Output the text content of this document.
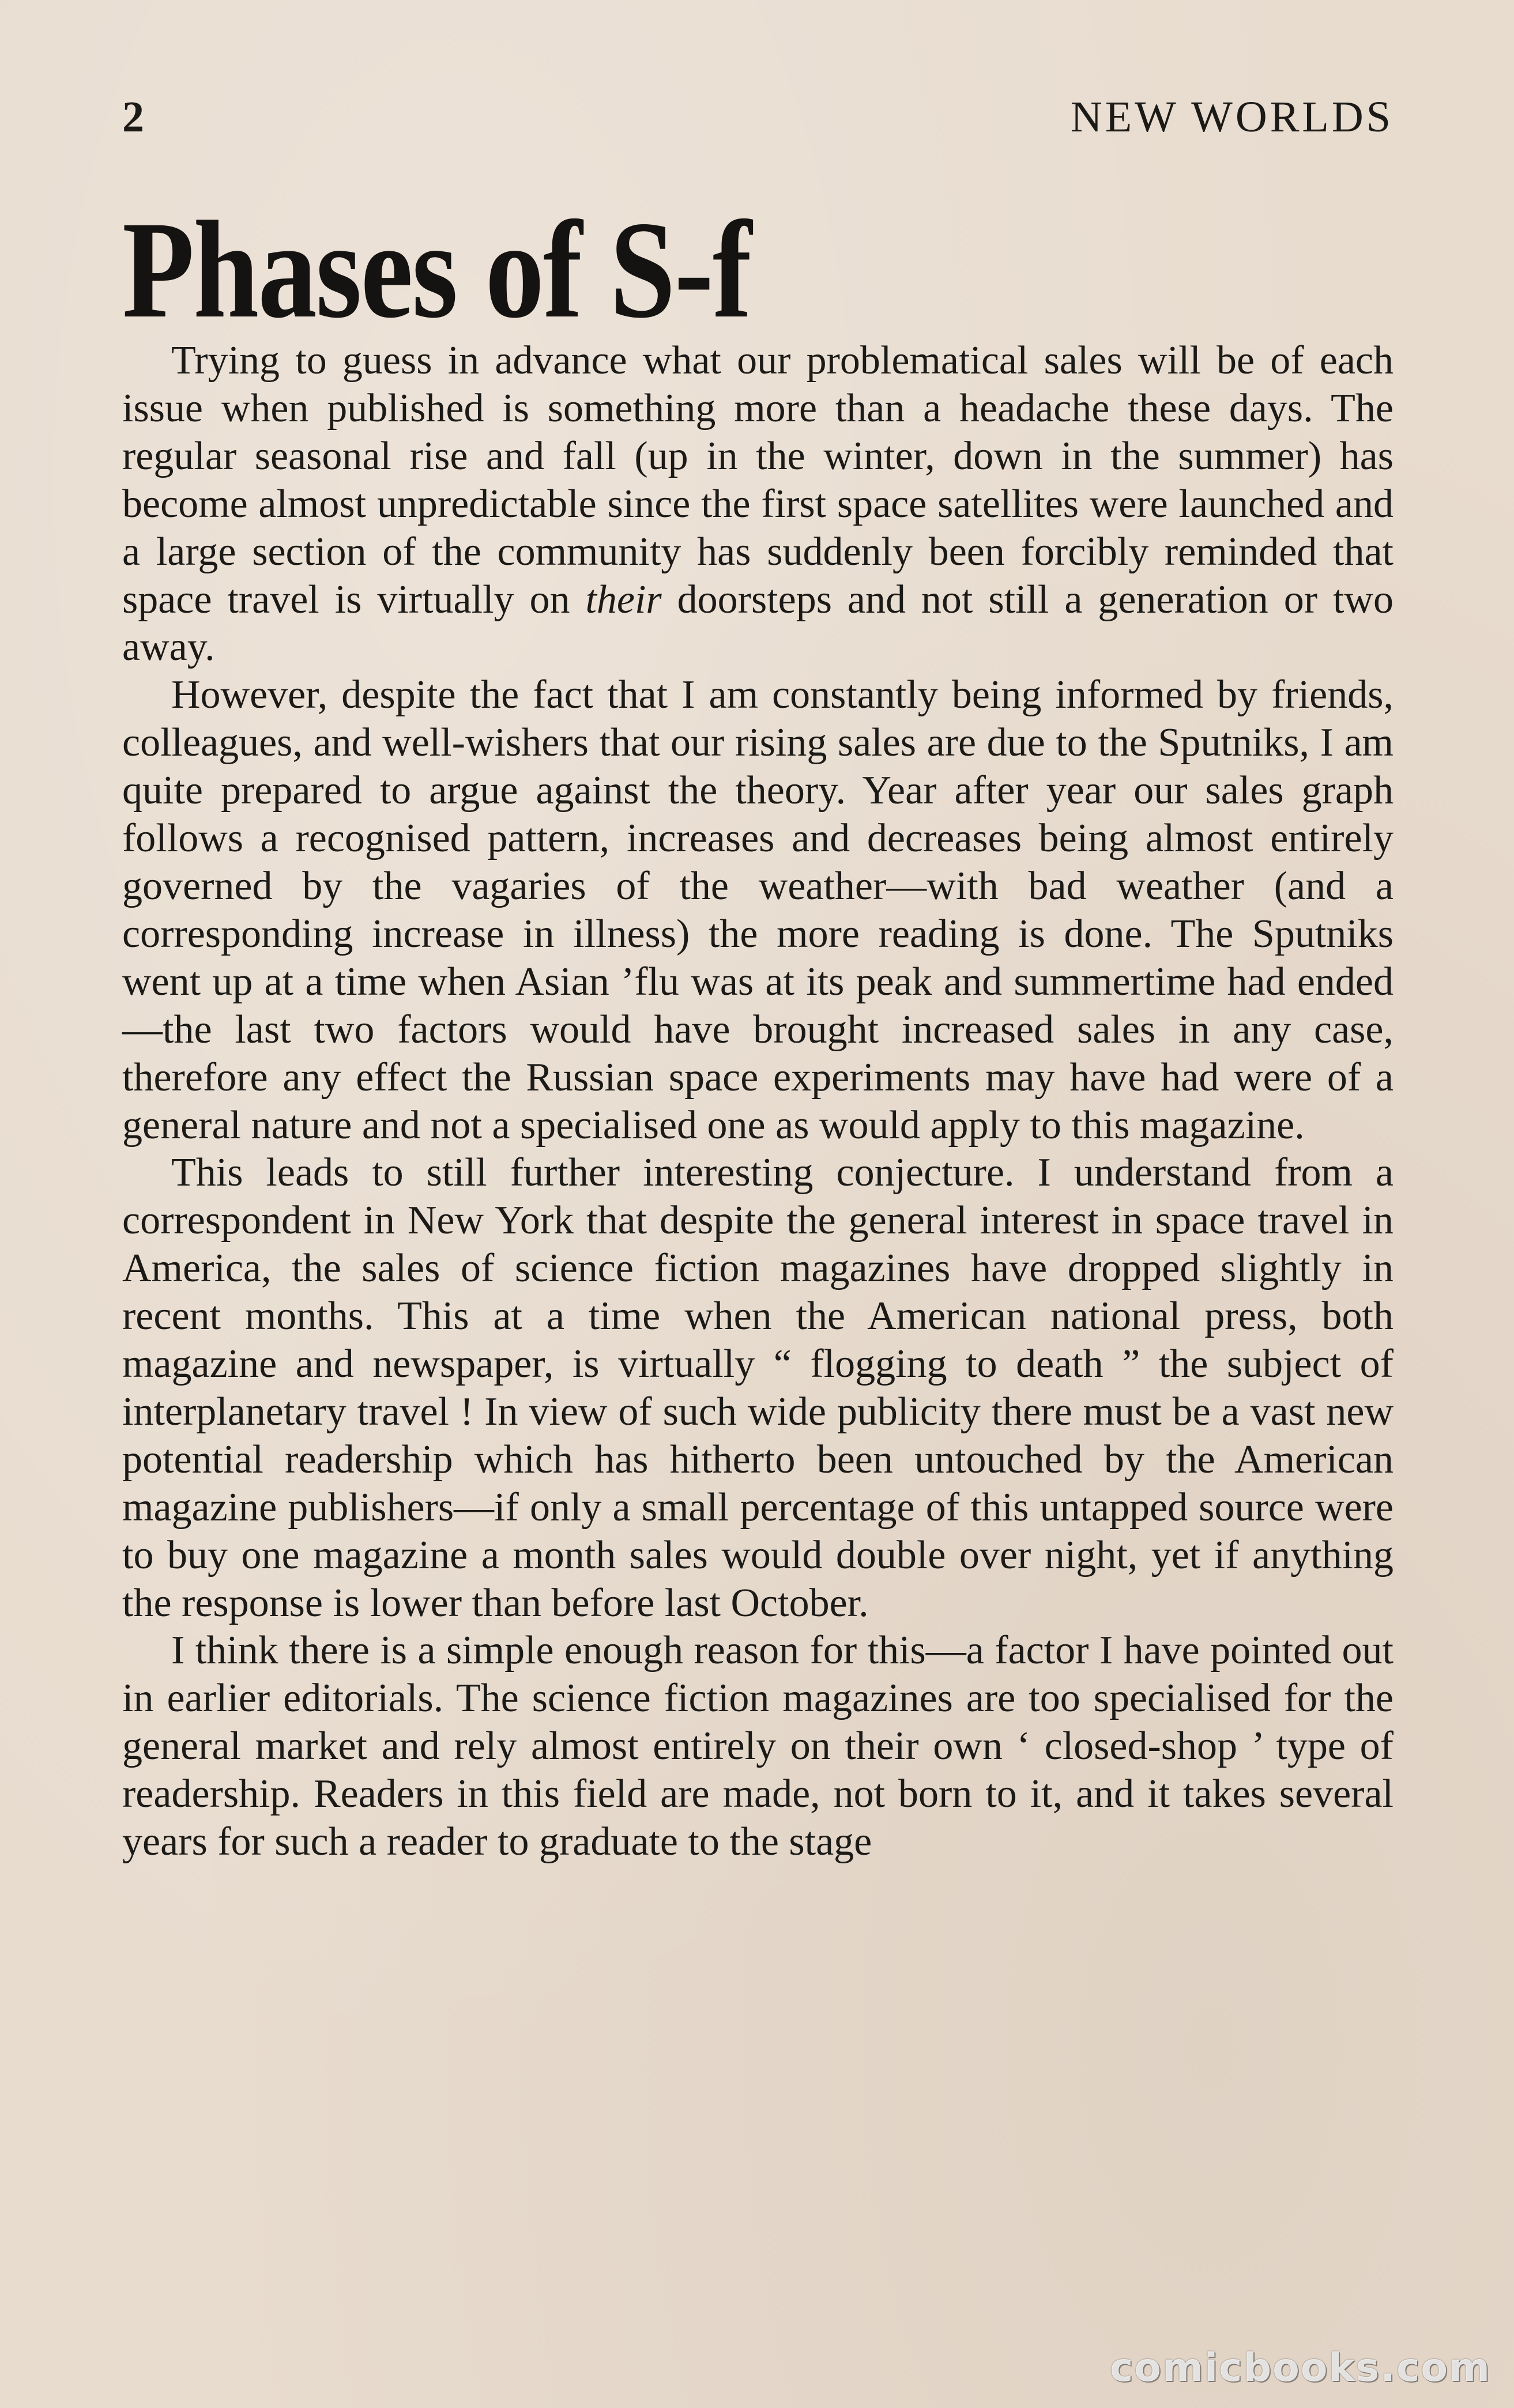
2	NEW WORLDS
Phases of S-f

Trying to guess in advance what our problematical sales will be of each issue when published is something more than a headache these days. The regular seasonal rise and fall (up in the winter, down in the summer) has become almost unpredictable since the first space satellites were launched and a large section of the community has suddenly been forcibly reminded that space travel is virtually on their doorsteps and not still a generation or two away.

However, despite the fact that I am constantly being informed by friends, colleagues, and well-wishers that our rising sales are due to the Sputniks, I am quite prepared to argue against the theory. Year after year our sales graph follows a recognised pattern, increases and decreases being almost entirely governed by the vagaries of the weather—with bad weather (and a corresponding increase in illness) the more reading is done. The Sputniks went up at a time when Asian ’flu was at its peak and summertime had ended—the last two factors would have brought increased sales in any case, therefore any effect the Russian space experiments may have had were of a general nature and not a specialised one as would apply to this magazine.

This leads to still further interesting conjecture. I understand from a correspondent in New York that despite the general interest in space travel in America, the sales of science fiction magazines have dropped slightly in recent months. This at a time when the American national press, both magazine and newspaper, is virtually “ flogging to death ” the subject of interplanetary travel ! In view of such wide publicity there must be a vast new potential readership which has hitherto been untouched by the American magazine publishers—if only a small percentage of this untapped source were to buy one magazine a month sales would double over night, yet if anything the response is lower than before last October.

I think there is a simple enough reason for this—a factor I have pointed out in earlier editorials. The science fiction magazines are too specialised for the general market and rely almost entirely on their own ‘ closed-shop ’ type of readership. Readers in this field are made, not born to it, and it takes several years for such a reader to graduate to the stage

comicbooks.com
